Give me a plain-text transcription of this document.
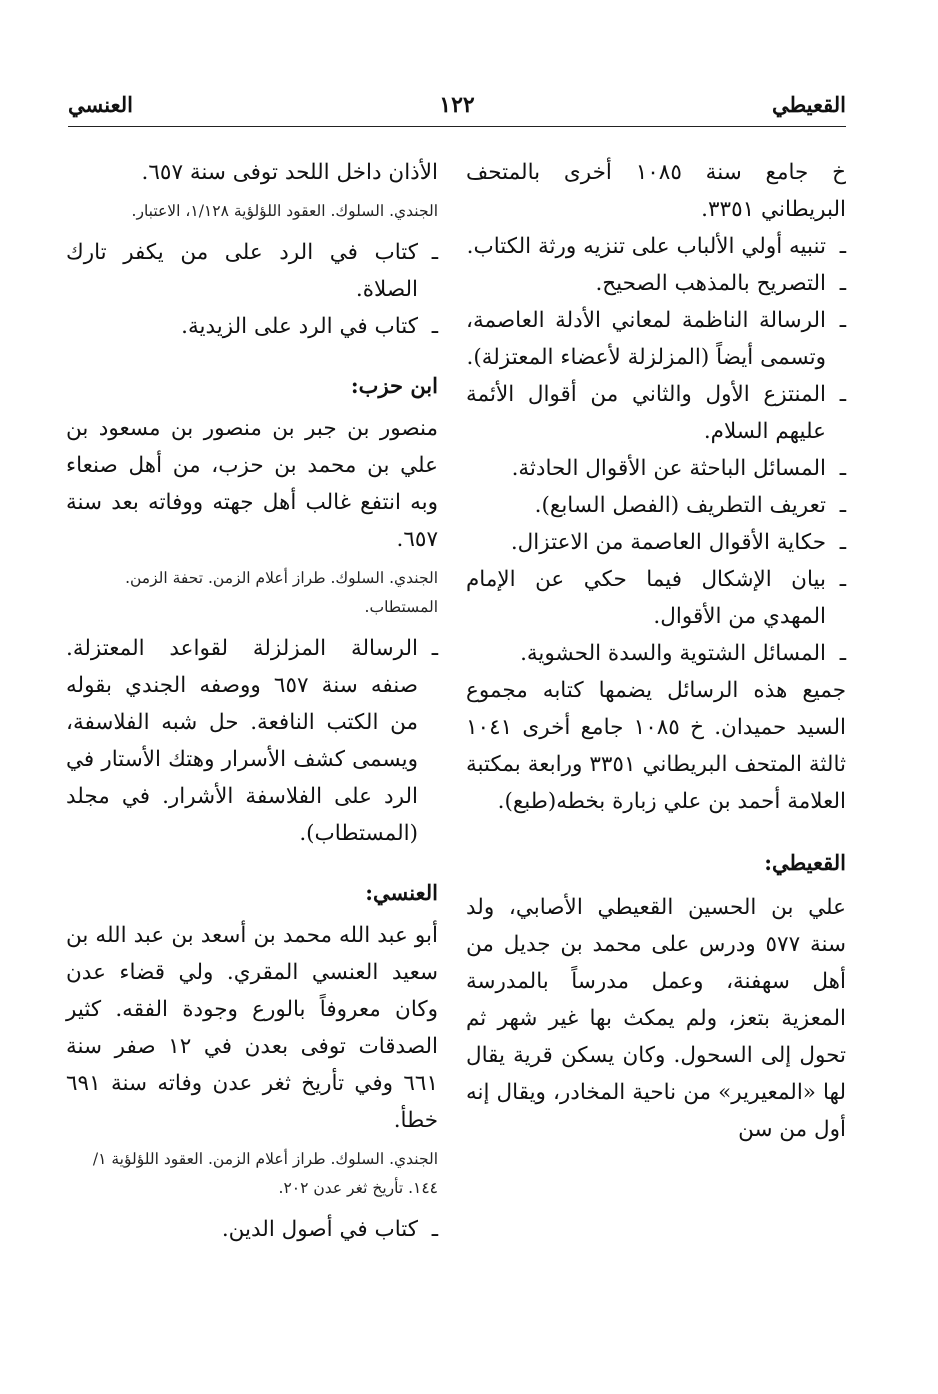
القعيطي
١٢٢
العنسي

خ جامع سنة ١٠٨٥ أخرى بالمتحف البريطاني ٣٣٥١.

ـ تنبيه أولي الألباب على تنزيه ورثة الكتاب.

ـ التصريح بالمذهب الصحيح.

ـ الرسالة الناظمة لمعاني الأدلة العاصمة، وتسمى أيضاً (المزلزلة لأعضاء المعتزلة).

ـ المنتزع الأول والثاني من أقوال الأئمة عليهم السلام.

ـ المسائل الباحثة عن الأقوال الحادثة.

ـ تعريف التطريف (الفصل السابع).

ـ حكاية الأقوال العاصمة من الاعتزال.

ـ بيان الإشكال فيما حكي عن الإمام المهدي من الأقوال.

ـ المسائل الشتوية والسدة الحشوية.

جميع هذه الرسائل يضمها كتابه مجموع السيد حميدان. خ ١٠٨٥ جامع أخرى ١٠٤١ ثالثة المتحف البريطاني ٣٣٥١ ورابعة بمكتبة العلامة أحمد بن علي زبارة بخطه(طبع).

القعيطي:

علي بن الحسين القعيطي الأصابي، ولد سنة ٥٧٧ ودرس على محمد بن جديل من أهل سهفنة، وعمل مدرساً بالمدرسة المعزية بتعز، ولم يمكث بها غير شهر ثم تحول إلى السحول. وكان يسكن قرية يقال لها «المعيرير» من ناحية المخادر، ويقال إنه أول من سن

الأذان داخل اللحد توفى سنة ٦٥٧.

الجندي. السلوك. العقود اللؤلؤية ١/١٢٨، الاعتبار.

ـ كتاب في الرد على من يكفر تارك الصلاة.

ـ كتاب في الرد على الزيدية.

ابن حزب:

منصور بن جبر بن منصور بن مسعود بن علي بن محمد بن حزب، من أهل صنعاء وبه انتفع غالب أهل جهته ووفاته بعد سنة ٦٥٧.

الجندي. السلوك. طراز أعلام الزمن. تحفة الزمن. المستطاب.

ـ الرسالة المزلزلة لقواعد المعتزلة. صنفه سنة ٦٥٧ ووصفه الجندي بقوله من الكتب النافعة. حل شبه الفلاسفة، ويسمى كشف الأسرار وهتك الأستار في الرد على الفلاسفة الأشرار. في مجلد (المستطاب).

العنسي:

أبو عبد الله محمد بن أسعد بن عبد الله بن سعيد العنسي المقري. ولي قضاء عدن وكان معروفاً بالورع وجودة الفقه. كثير الصدقات توفى بعدن في ١٢ صفر سنة ٦٦١ وفي تأريخ ثغر عدن وفاته سنة ٦٩١ خطأ.

الجندي. السلوك. طراز أعلام الزمن. العقود اللؤلؤية ١/ ١٤٤. تأريخ ثغر عدن ٢٠٢.

ـ كتاب في أصول الدين.
